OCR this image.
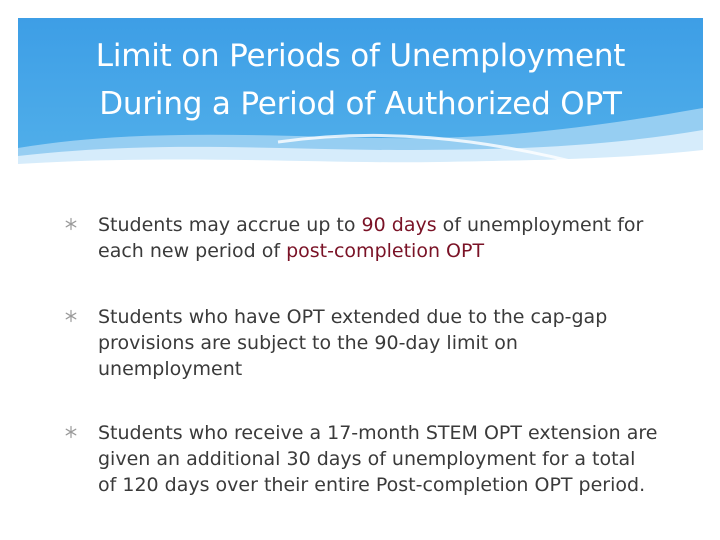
Limit on Periods of Unemployment
During a Period of Authorized OPT
Students may accrue up to 90 days of unemployment for each new period of post-completion OPT
Students who have OPT extended due to the cap-gap provisions are subject to the 90-day limit on unemployment
Students who receive a 17-month STEM OPT extension are given an additional 30 days of unemployment for a total of 120 days over their entire Post-completion OPT period.
